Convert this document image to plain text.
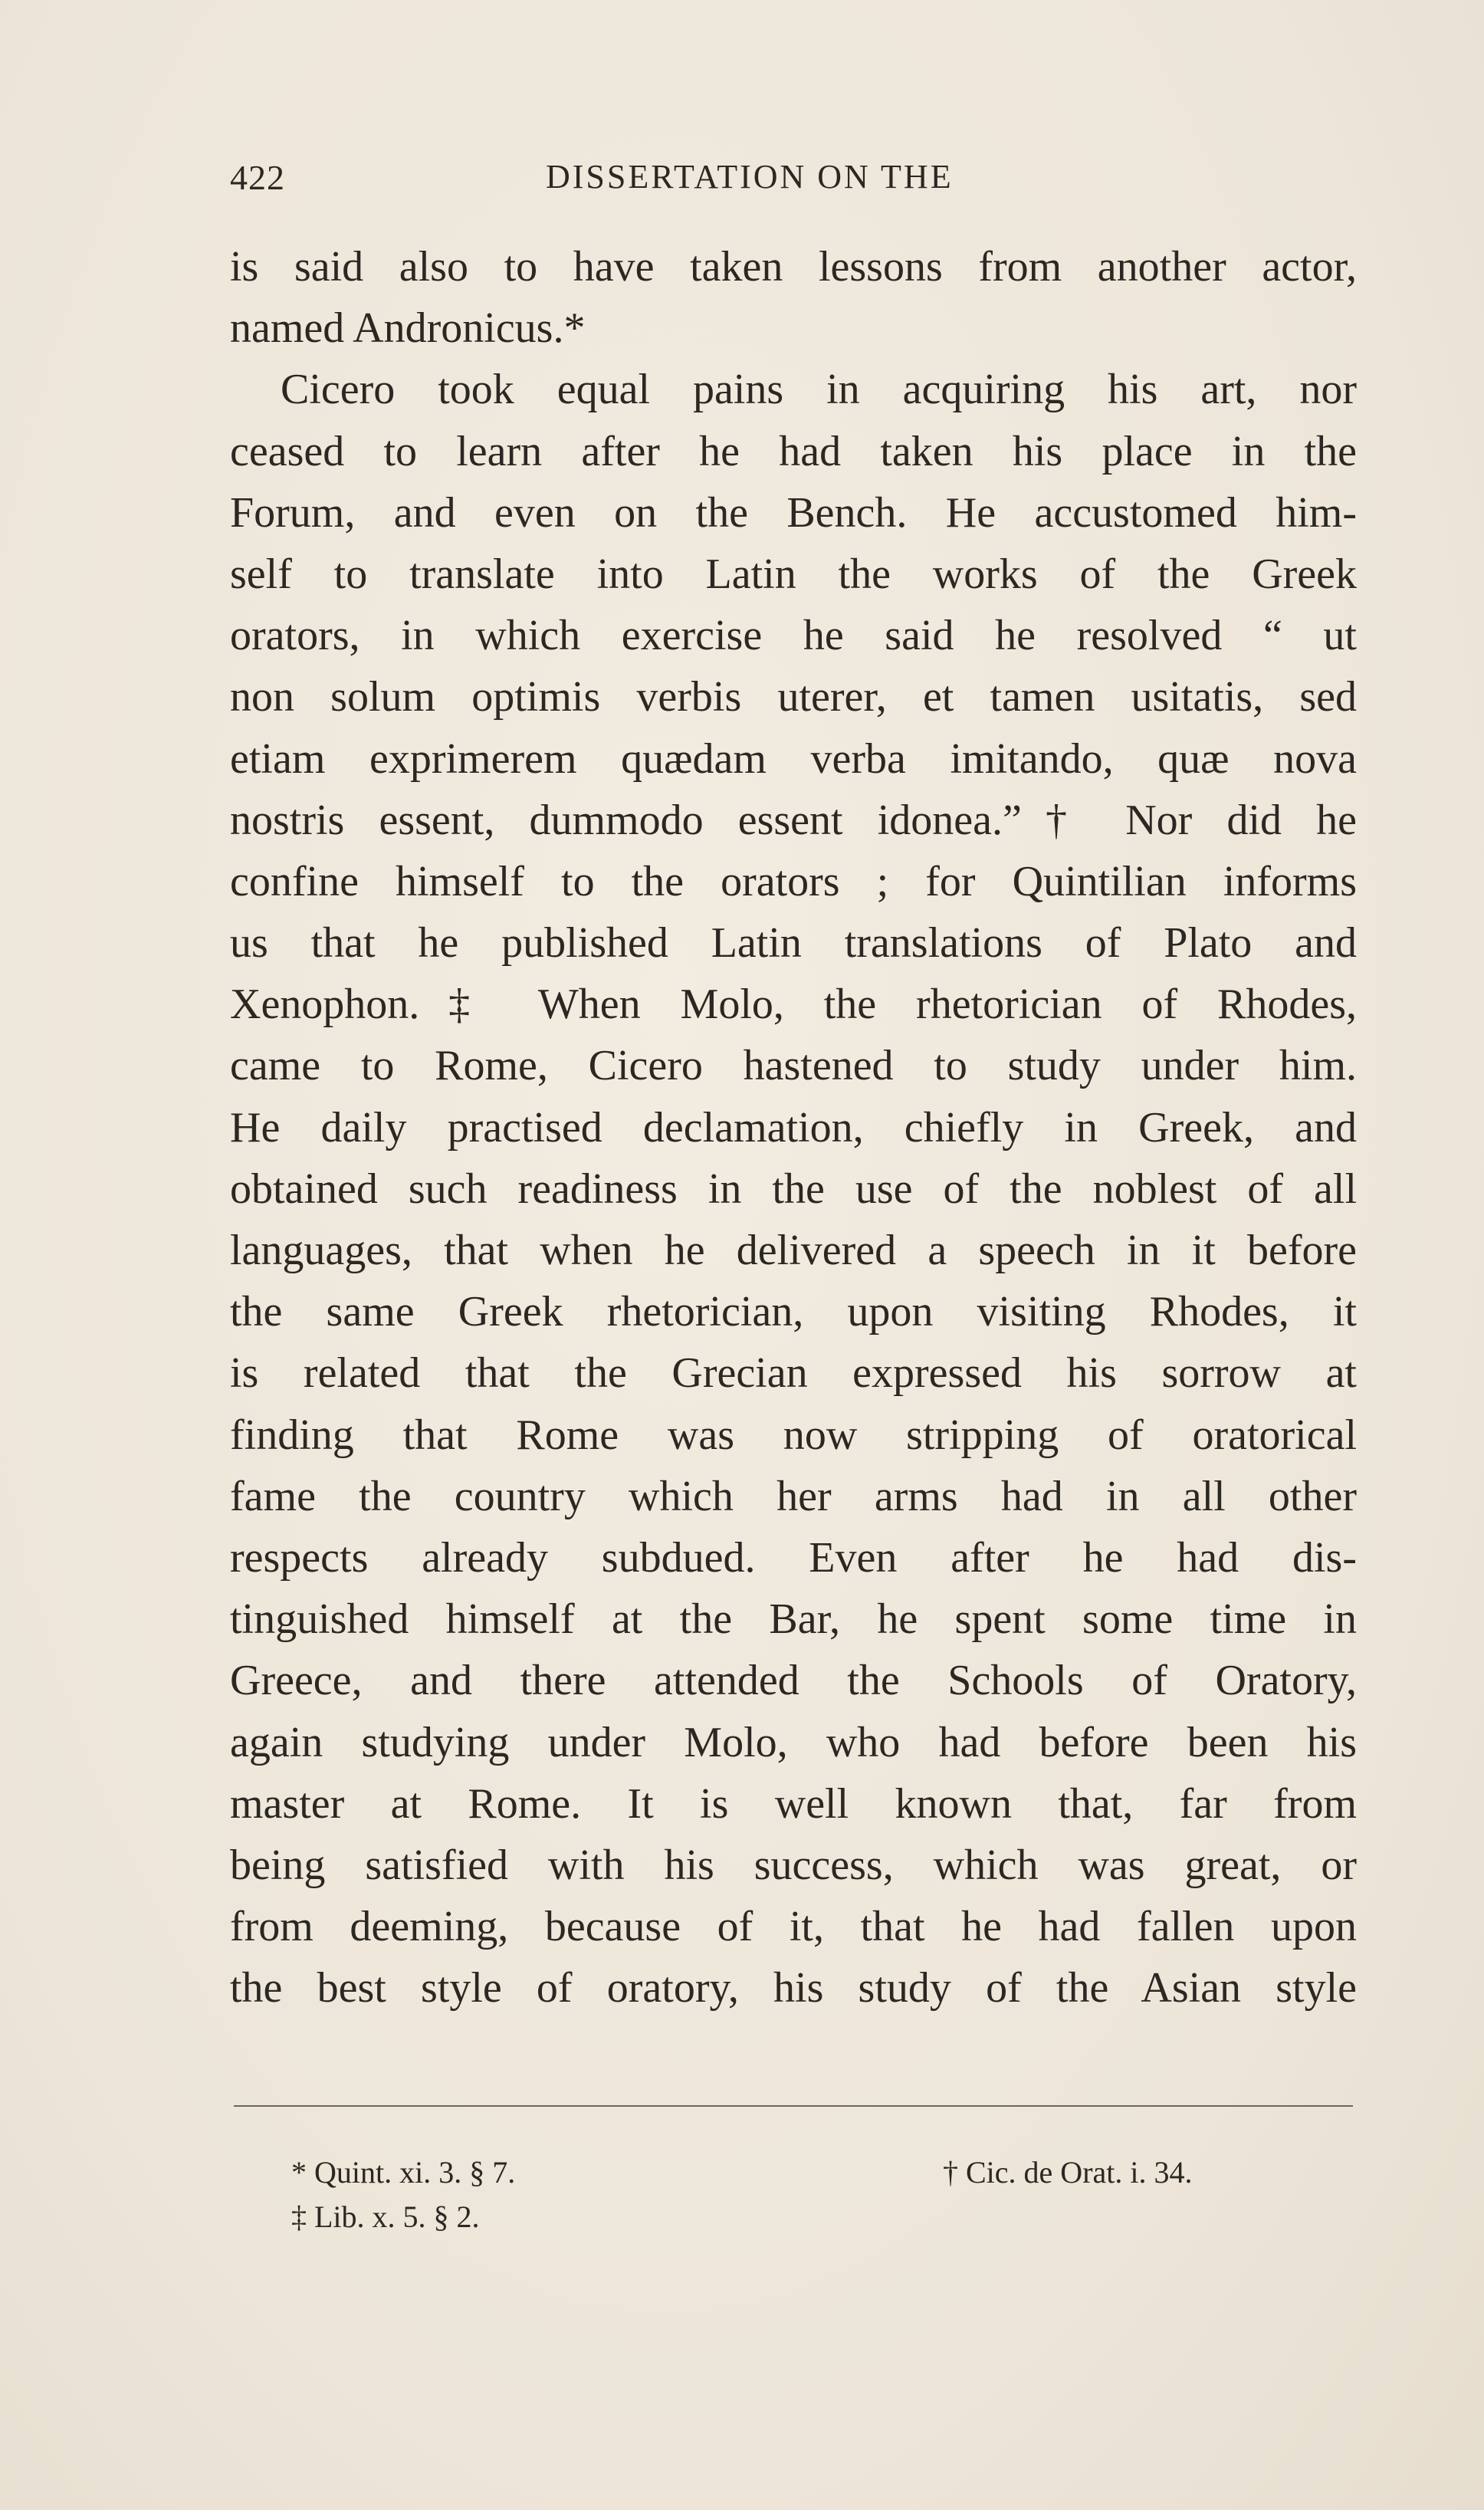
422	DISSERTATION ON THE
is said also to have taken lessons from another actor,
named Andronicus.*
Cicero took equal pains in acquiring his art, nor
ceased to learn after he had taken his place in the
Forum, and even on the Bench. He accustomed him-
self to translate into Latin the works of the Greek
orators, in which exercise he said he resolved “ ut
non solum optimis verbis uterer, et tamen usitatis, sed
etiam exprimerem quædam verba imitando, quæ nova
nostris essent, dummodo essent idonea.”† Nor did he
confine himself to the orators ; for Quintilian informs
us that he published Latin translations of Plato and
Xenophon.‡ When Molo, the rhetorician of Rhodes,
came to Rome, Cicero hastened to study under him.
He daily practised declamation, chiefly in Greek, and
obtained such readiness in the use of the noblest of all
languages, that when he delivered a speech in it before
the same Greek rhetorician, upon visiting Rhodes, it
is related that the Grecian expressed his sorrow at
finding that Rome was now stripping of oratorical
fame the country which her arms had in all other
respects already subdued. Even after he had dis-
tinguished himself at the Bar, he spent some time in
Greece, and there attended the Schools of Oratory,
again studying under Molo, who had before been his
master at Rome. It is well known that, far from
being satisfied with his success, which was great, or
from deeming, because of it, that he had fallen upon
the best style of oratory, his study of the Asian style
* Quint. xi. 3. § 7.	† Cic. de Orat. i. 34.
‡ Lib. x. 5. § 2.
